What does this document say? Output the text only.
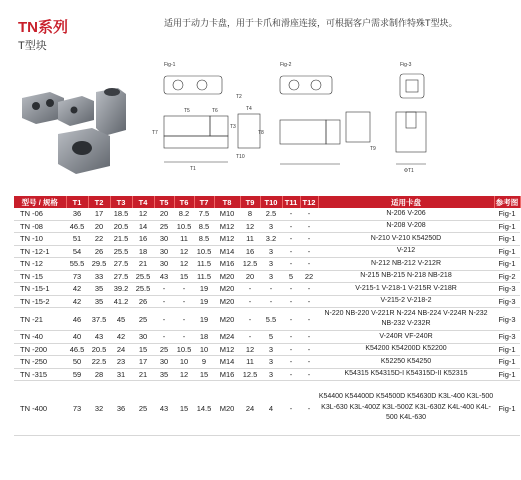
TN系列
T型块
适用于动力卡盘，用于卡爪和滑座连接，可根据客户需求制作特殊T型块。
Fig-1	Fig-2	Fig-3
T1
T2
T3
T4
T5	T6
T7	T8
T9
T10
ΦT1
型号 / 规格	T1	T2	T3	T4	T5	T6	T7	T8	T9	T10	T11	T12	适用卡盘	参考图
TN -06	36	17	18.5	12	20	8.2	7.5	M10	8	2.5	-	-	N-206 V-206	Fig-1
TN -08	46.5	20	20.5	14	25	10.5	8.5	M12	12	3	-	-	N-208 V-208	Fig-1
TN -10	51	22	21.5	16	30	11	8.5	M12	11	3.2	-	-	N-210 V-210 K54250D	Fig-1
TN -12-1	54	26	25.5	18	30	12	10.5	M14	16	3	-	-	V-212	Fig-1
TN -12	55.5	29.5	27.5	21	30	12	11.5	M16	12.5	3	-	-	N-212 NB-212 V-212R	Fig-1
TN -15	73	33	27.5	25.5	43	15	11.5	M20	20	3	5	22	N-215 NB-215 N-218 NB-218	Fig-2
TN -15-1	42	35	39.2	25.5	-	-	19	M20	-	-	-	-	V-215-1 V-218-1 V-215R V-218R	Fig-3
TN -15-2	42	35	41.2	26	-	-	19	M20	-	-	-	-	V-215-2 V-218-2	Fig-3
TN -21	46	37.5	45	25	-	-	19	M20	-	5.5	-	-	N-220 NB-220 V-221R N-224 NB-224 V-224R N-232 NB-232 V-232R	Fig-3
TN -40	40	43	42	30	-	-	18	M24	-	5	-	-	V-240R VF-240R	Fig-3
TN -200	46.5	20.5	24	15	25	10.5	10	M12	12	3	-	-	K54200 K54200D K52200	Fig-1
TN -250	50	22.5	23	17	30	10	9	M14	11	3	-	-	K52250 K54250	Fig-1
TN -315	59	28	31	21	35	12	15	M16	12.5	3	-	-	K54315 K54315D-I K54315D-II K52315	Fig-1
TN -400	73	32	36	25	43	15	14.5	M20	24	4	-	-	K54400 K54400D K54500D K54630D K3L-400 K3L-500 K3L-630 K3L-400Z K3L-500Z K3L-630Z K4L-400 K4L-500 K4L-630	Fig-1
